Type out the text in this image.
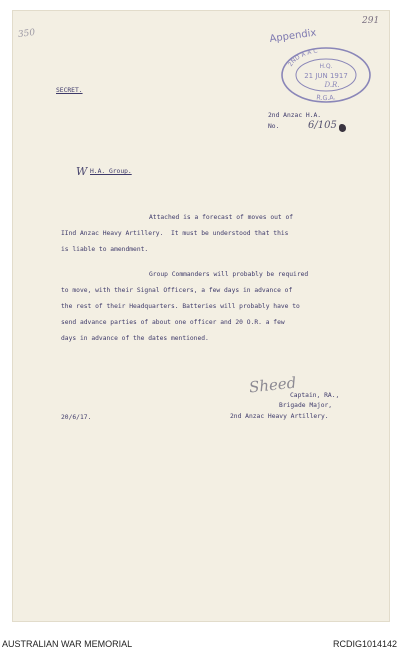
350
291
Appendix
2ND A A C
R.G.A.
H.Q.
21 JUN 1917
D.R.
SECRET.
2nd Anzac H.A.
No.	6/105
W H.A. Group.
Attached is a forecast of moves out of
IInd Anzac Heavy Artillery.  It must be understood that this
is liable to amendment.
Group Commanders will probably be required
to move, with their Signal Officers, a few days in advance of
the rest of their Headquarters. Batteries will probably have to
send advance parties of about one officer and 20 O.R. a few
days in advance of the dates mentioned.
Sheed
Captain, RA.,
Brigade Major,
2nd Anzac Heavy Artillery.
20/6/17.
AUSTRALIAN WAR MEMORIAL	RCDIG1014142
